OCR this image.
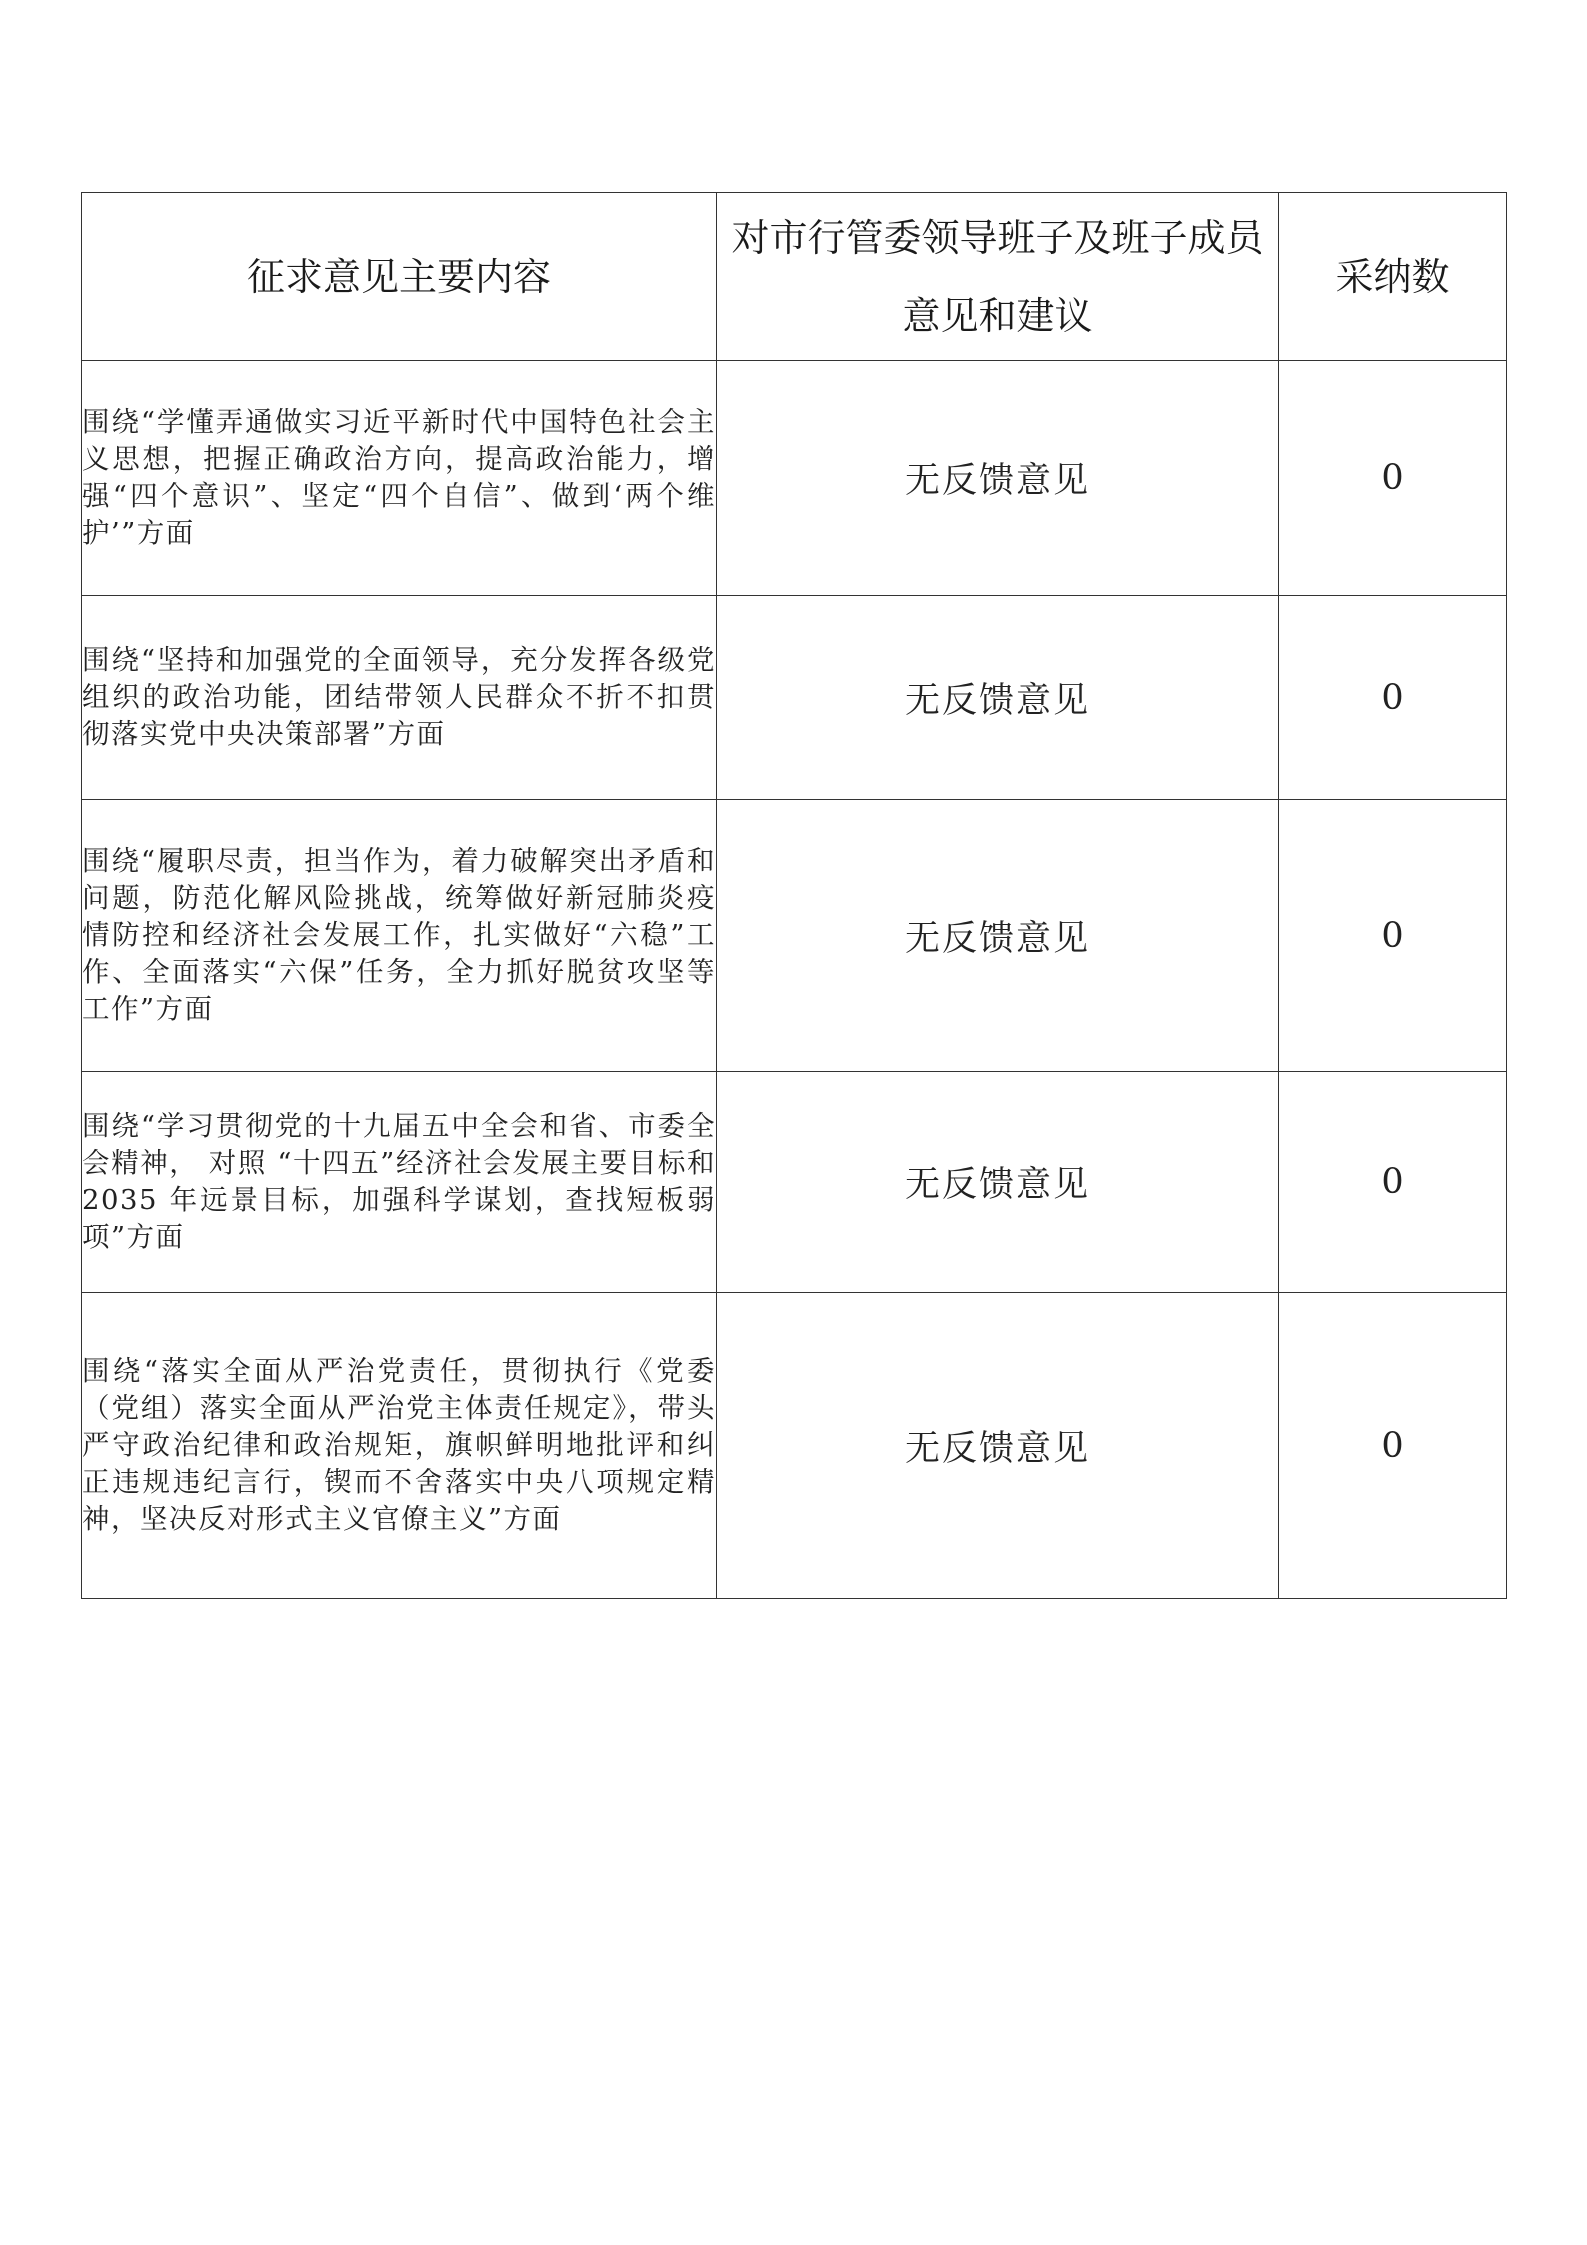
征求意见主要内容	对市行管委领导班子及班子成员意见和建议	采纳数
围绕“学懂弄通做实习近平新时代中国特色社会主义思想，把握正确政治方向，提高政治能力，增强“四个意识”、坚定“四个自信”、做到‘两个维护’”方面	无反馈意见	0
围绕“坚持和加强党的全面领导，充分发挥各级党组织的政治功能，团结带领人民群众不折不扣贯彻落实党中央决策部署”方面	无反馈意见	0
围绕“履职尽责，担当作为，着力破解突出矛盾和问题，防范化解风险挑战，统筹做好新冠肺炎疫情防控和经济社会发展工作，扎实做好“六稳”工作、全面落实“六保”任务，全力抓好脱贫攻坚等工作”方面	无反馈意见	0
围绕“学习贯彻党的十九届五中全会和省、市委全会精神， 对照 “十四五”经济社会发展主要目标和2035 年远景目标，加强科学谋划，查找短板弱项”方面	无反馈意见	0
围绕“落实全面从严治党责任，贯彻执行《党委（党组）落实全面从严治党主体责任规定》，带头严守政治纪律和政治规矩，旗帜鲜明地批评和纠正违规违纪言行，锲而不舍落实中央八项规定精神，坚决反对形式主义官僚主义”方面	无反馈意见	0
